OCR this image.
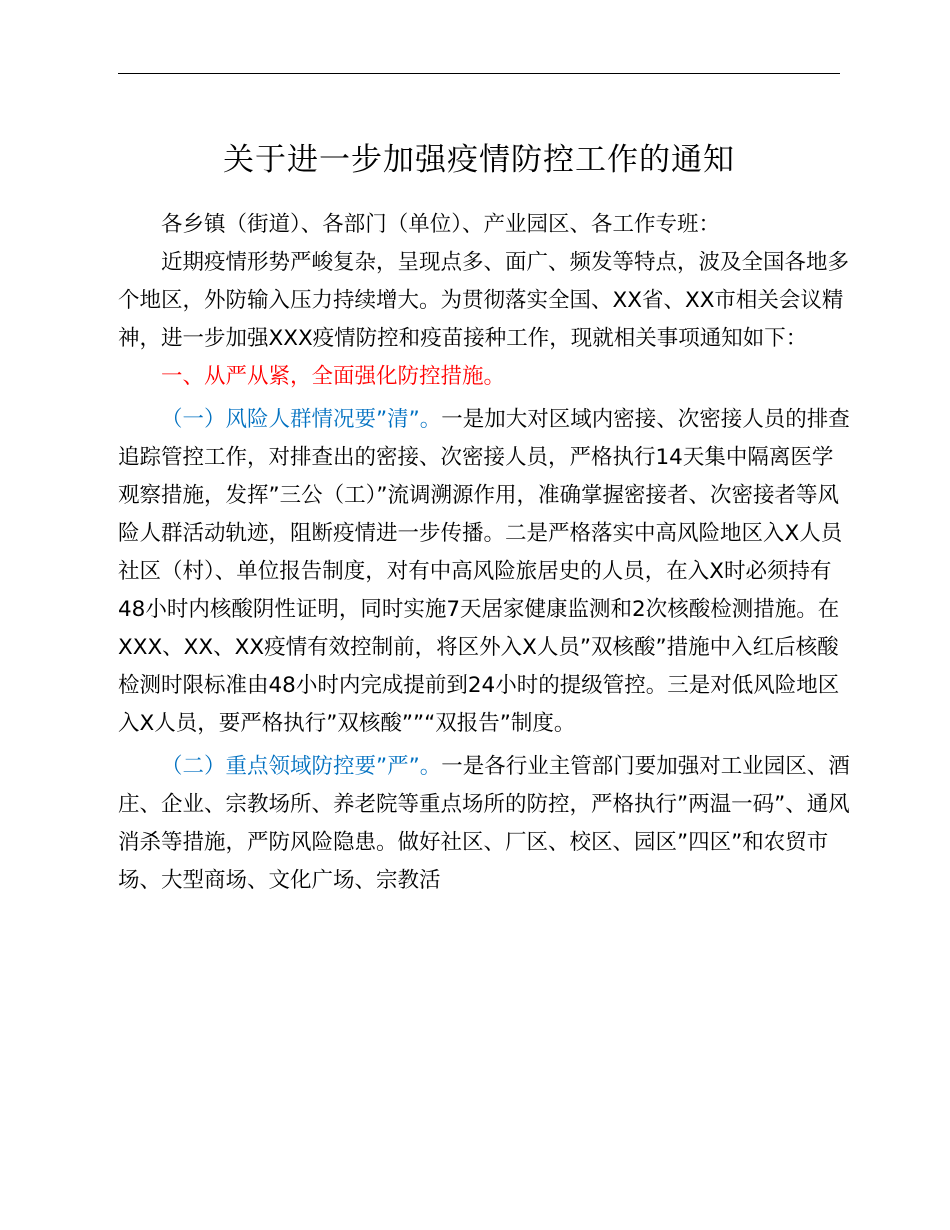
关于进一步加强疫情防控工作的通知

各乡镇（街道）、各部门（单位）、产业园区、各工作专班：

近期疫情形势严峻复杂，呈现点多、面广、频发等特点，波及全国各地多个地区，外防输入压力持续增大。为贯彻落实全国、XX省、XX市相关会议精神，进一步加强XXX疫情防控和疫苗接种工作，现就相关事项通知如下：

一、从严从紧，全面强化防控措施。

（一）风险人群情况要”清”。一是加大对区域内密接、次密接人员的排查追踪管控工作，对排查出的密接、次密接人员，严格执行14天集中隔离医学观察措施，发挥”三公（工）”流调溯源作用，准确掌握密接者、次密接者等风险人群活动轨迹，阻断疫情进一步传播。二是严格落实中高风险地区入X人员社区（村）、单位报告制度，对有中高风险旅居史的人员，在入X时必须持有48小时内核酸阴性证明，同时实施7天居家健康监测和2次核酸检测措施。在XXX、XX、XX疫情有效控制前，将区外入X人员”双核酸”措施中入红后核酸检测时限标准由48小时内完成提前到24小时的提级管控。三是对低风险地区入X人员，要严格执行”双核酸””“双报告”制度。

（二）重点领域防控要”严”。一是各行业主管部门要加强对工业园区、酒庄、企业、宗教场所、养老院等重点场所的防控，严格执行”两温一码”、通风消杀等措施，严防风险隐患。做好社区、厂区、校区、园区”四区”和农贸市场、大型商场、文化广场、宗教活
